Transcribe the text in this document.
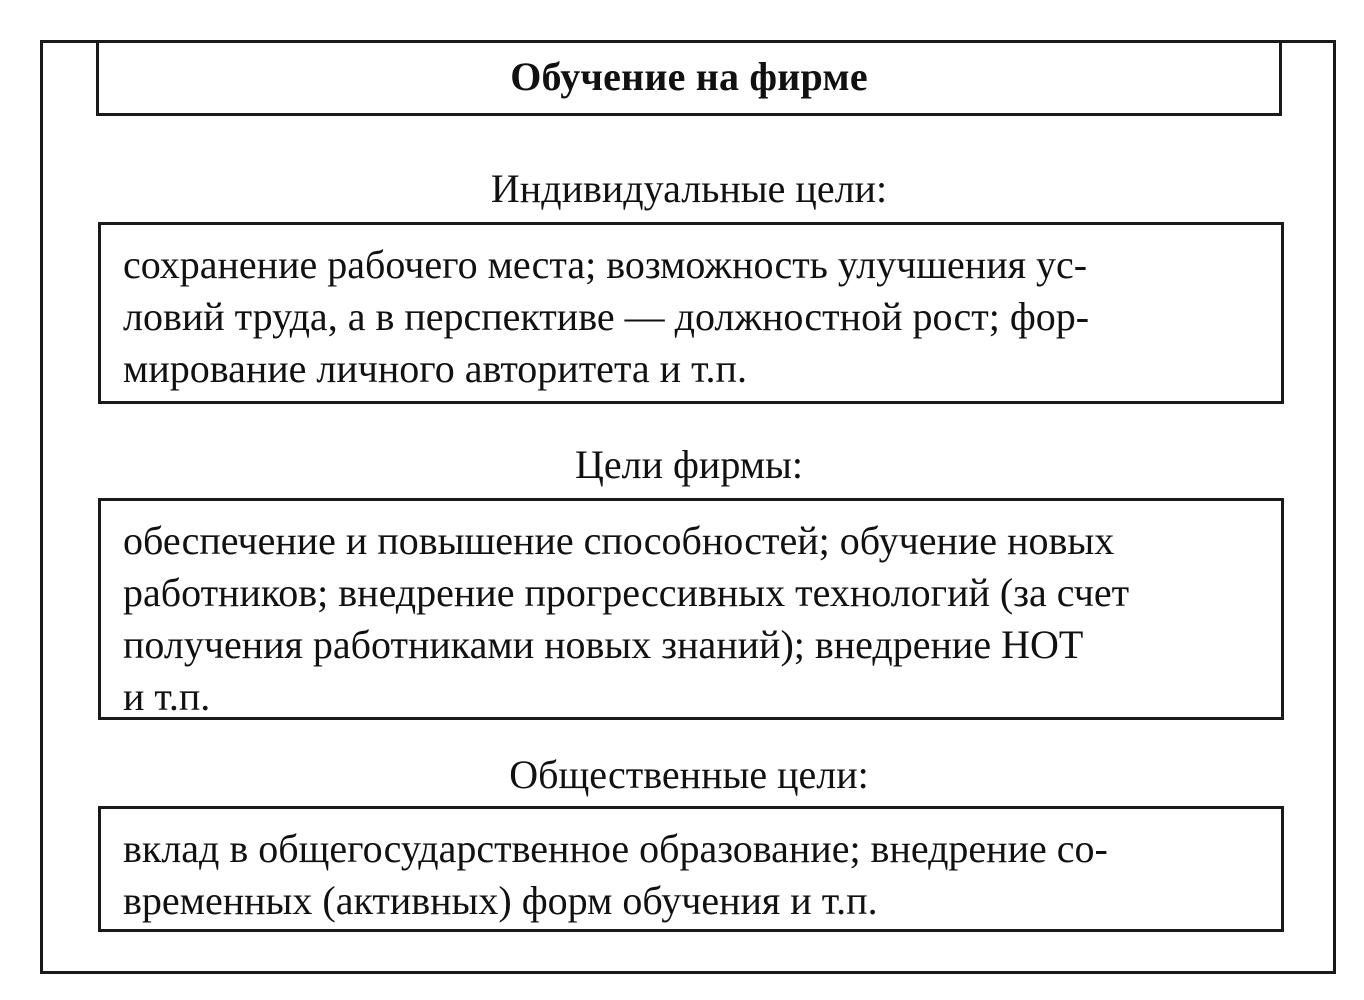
Обучение на фирме
Индивидуальные цели:
сохранение рабочего места; возможность улучшения ус-
ловий труда, а в перспективе — должностной рост; фор-
мирование личного авторитета и т.п.
Цели фирмы:
обеспечение и повышение способностей; обучение новых
работников; внедрение прогрессивных технологий (за счет
получения работниками новых знаний); внедрение НОТ
и т.п.
Общественные цели:
вклад в общегосударственное образование; внедрение со-
временных (активных) форм обучения и т.п.
